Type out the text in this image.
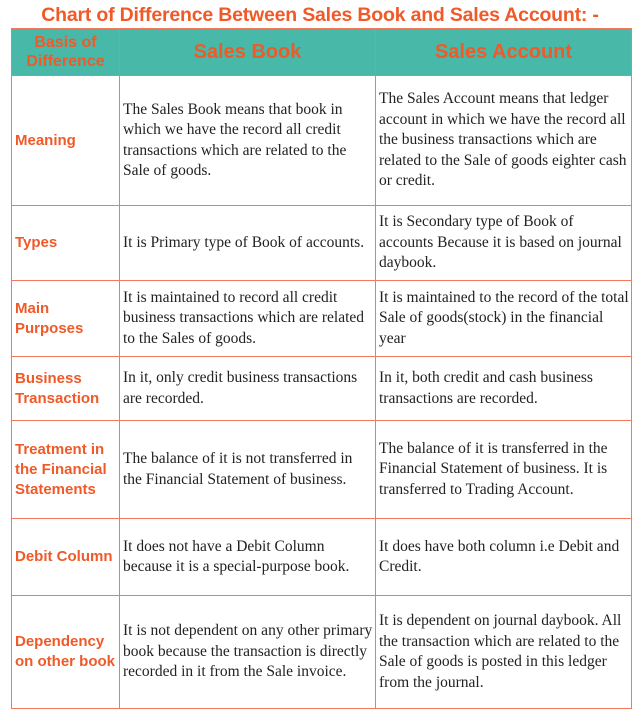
Chart of Difference Between Sales Book and Sales Account: -
Basis of Difference	Sales Book	Sales Account
Meaning	The Sales Book means that book in which we have the record all credit transactions which are related to the Sale of goods.	The Sales Account means that ledger account in which we have the record all the business transactions which are related to the Sale of goods eighter cash or credit.
Types	It is Primary type of Book of accounts.	It is Secondary type of Book of accounts Because it is based on journal daybook.
Main Purposes	It is maintained to record all credit business transactions which are related to the Sales of goods.	It is maintained to the record of the total Sale of goods(stock) in the financial year
Business Transaction	In it, only credit business transactions are recorded.	In it, both credit and cash business transactions are recorded.
Treatment in the Financial Statements	The balance of it is not transferred in the Financial Statement of business.	The balance of it is transferred in the Financial Statement of business. It is transferred to Trading Account.
Debit Column	It does not have a Debit Column because it is a special-purpose book.	It does have both column i.e Debit and Credit.
Dependency on other book	It is not dependent on any other primary book because the transaction is directly recorded in it from the Sale invoice.	It is dependent on journal daybook. All the transaction which are related to the Sale of goods is posted in this ledger from the journal.
